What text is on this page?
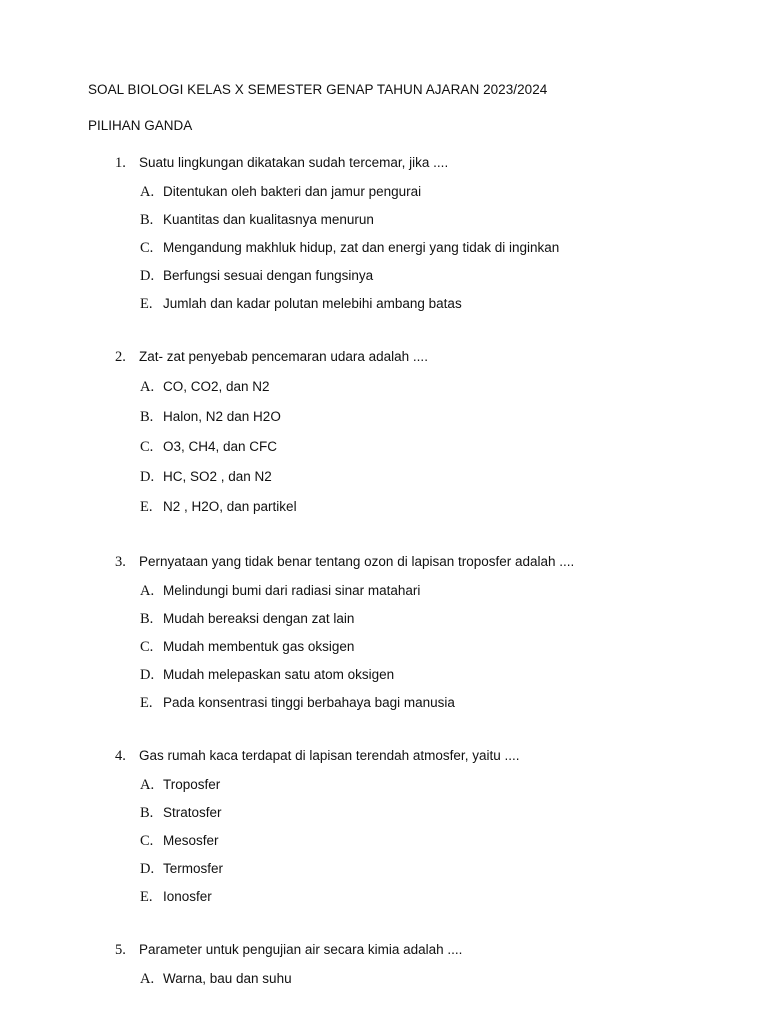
SOAL BIOLOGI KELAS X SEMESTER GENAP TAHUN AJARAN 2023/2024
PILIHAN GANDA
1. Suatu lingkungan dikatakan sudah tercemar, jika ....
A. Ditentukan oleh bakteri dan jamur pengurai
B. Kuantitas dan kualitasnya menurun
C. Mengandung makhluk hidup, zat dan energi yang tidak di inginkan
D. Berfungsi sesuai dengan fungsinya
E. Jumlah dan kadar polutan melebihi ambang batas
2. Zat- zat penyebab pencemaran udara adalah ....
A. CO, CO2, dan N2
B. Halon, N2 dan H2O
C. O3, CH4, dan CFC
D. HC, SO2 , dan N2
E. N2 , H2O, dan partikel
3. Pernyataan yang tidak benar tentang ozon di lapisan troposfer adalah ....
A. Melindungi bumi dari radiasi sinar matahari
B. Mudah bereaksi dengan zat lain
C. Mudah membentuk gas oksigen
D. Mudah melepaskan satu atom oksigen
E. Pada konsentrasi tinggi berbahaya bagi manusia
4. Gas rumah kaca terdapat di lapisan terendah atmosfer, yaitu ....
A. Troposfer
B. Stratosfer
C. Mesosfer
D. Termosfer
E. Ionosfer
5. Parameter untuk pengujian air secara kimia adalah ....
A. Warna, bau dan suhu
